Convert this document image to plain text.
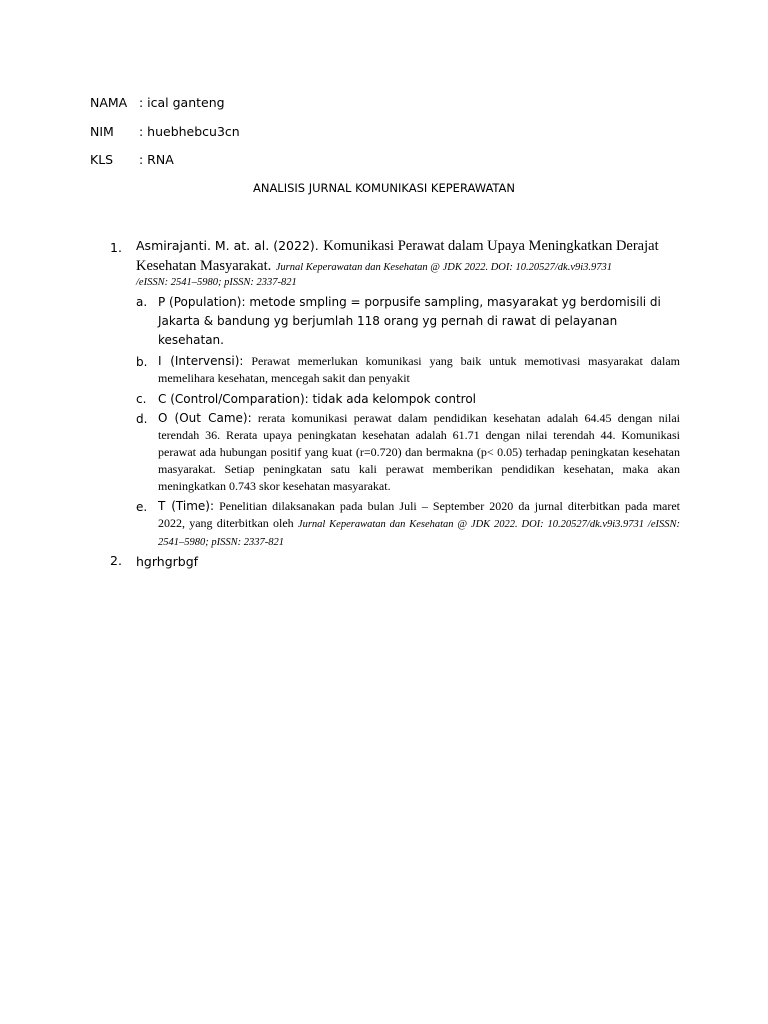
NAMA : ical ganteng
NIM : huebhebcu3cn
KLS : RNA
ANALISIS JURNAL KOMUNIKASI KEPERAWATAN
1. Asmirajanti. M. at. al. (2022). Komunikasi Perawat dalam Upaya Meningkatkan Derajat Kesehatan Masyarakat. Jurnal Keperawatan dan Kesehatan @ JDK 2022. DOI: 10.20527/dk.v9i3.9731
/eISSN: 2541–5980; pISSN: 2337-821
a. P (Population): metode smpling = porpusife sampling, masyarakat yg berdomisili di Jakarta & bandung yg berjumlah 118 orang yg pernah di rawat di pelayanan kesehatan.
b. I (Intervensi): Perawat memerlukan komunikasi yang baik untuk memotivasi masyarakat dalam memelihara kesehatan, mencegah sakit dan penyakit
c. C (Control/Comparation): tidak ada kelompok control
d. O (Out Came): rerata komunikasi perawat dalam pendidikan kesehatan adalah 64.45 dengan nilai terendah 36. Rerata upaya peningkatan kesehatan adalah 61.71 dengan nilai terendah 44. Komunikasi perawat ada hubungan positif yang kuat (r=0.720) dan bermakna (p< 0.05) terhadap peningkatan kesehatan masyarakat. Setiap peningkatan satu kali perawat memberikan pendidikan kesehatan, maka akan meningkatkan 0.743 skor kesehatan masyarakat.
e. T (Time): Penelitian dilaksanakan pada bulan Juli – September 2020 da jurnal diterbitkan pada maret 2022, yang diterbitkan oleh Jurnal Keperawatan dan Kesehatan @ JDK 2022. DOI: 10.20527/dk.v9i3.9731 /eISSN: 2541–5980; pISSN: 2337-821
2. hgrhgrbgf
